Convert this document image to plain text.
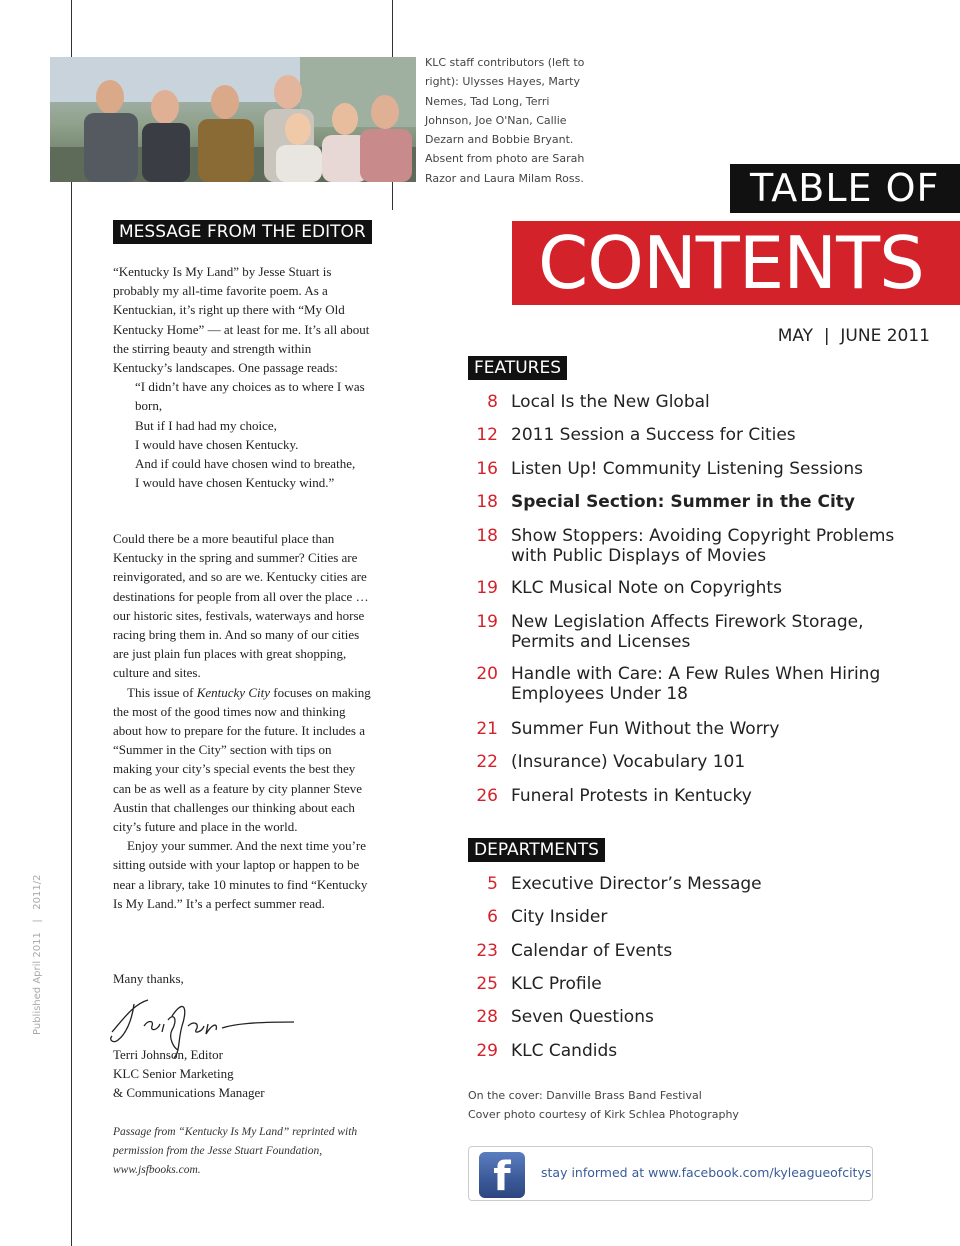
KLC staff contributors (left to right): Ulysses Hayes, Marty Nemes, Tad Long, Terri Johnson, Joe O'Nan, Callie Dezarn and Bobbie Bryant. Absent from photo are Sarah Razor and Laura Milam Ross.	TABLE OF
CONTENTS
MAY  |  JUNE 2011
MESSAGE FROM THE EDITOR
“Kentucky Is My Land” by Jesse Stuart is probably my all-time favorite poem. As a Kentuckian, it’s right up there with “My Old Kentucky Home” — at least for me. It’s all about the stirring beauty and strength within Kentucky’s landscapes. One passage reads:
“I didn’t have any choices as to where I was born,
But if I had had my choice,
I would have chosen Kentucky.
And if could have chosen wind to breathe,
I would have chosen Kentucky wind.”
Could there be a more beautiful place than Kentucky in the spring and summer? Cities are reinvigorated, and so are we. Kentucky cities are destinations for people from all over the place … our historic sites, festivals, waterways and horse racing bring them in. And so many of our cities are just plain fun places with great shopping, culture and sites.
This issue of Kentucky City focuses on making the most of the good times now and thinking about how to prepare for the future. It includes a “Summer in the City” section with tips on making your city’s special events the best they can be as well as a feature by city planner Steve Austin that challenges our thinking about each city’s future and place in the world.
Enjoy your summer. And the next time you’re sitting outside with your laptop or happen to be near a library, take 10 minutes to find “Kentucky Is My Land.” It’s a perfect summer read.
Many thanks,
Terri Johnson, Editor
KLC Senior Marketing
& Communications Manager
Passage from “Kentucky Is My Land” reprinted with permission from the Jesse Stuart Foundation, www.jsfbooks.com.
Published April 2011   |   2011/2
FEATURES
8 Local Is the New Global
12 2011 Session a Success for Cities
16 Listen Up! Community Listening Sessions
18 Special Section: Summer in the City
18 Show Stoppers: Avoiding Copyright Problems with Public Displays of Movies
19 KLC Musical Note on Copyrights
19 New Legislation Affects Firework Storage, Permits and Licenses
20 Handle with Care: A Few Rules When Hiring Employees Under 18
21 Summer Fun Without the Worry
22 (Insurance) Vocabulary 101
26 Funeral Protests in Kentucky
DEPARTMENTS
5 Executive Director’s Message
6 City Insider
23 Calendar of Events
25 KLC Profile
28 Seven Questions
29 KLC Candids
On the cover: Danville Brass Band Festival
Cover photo courtesy of Kirk Schlea Photography
f	stay informed at www.facebook.com/kyleagueofcitys
